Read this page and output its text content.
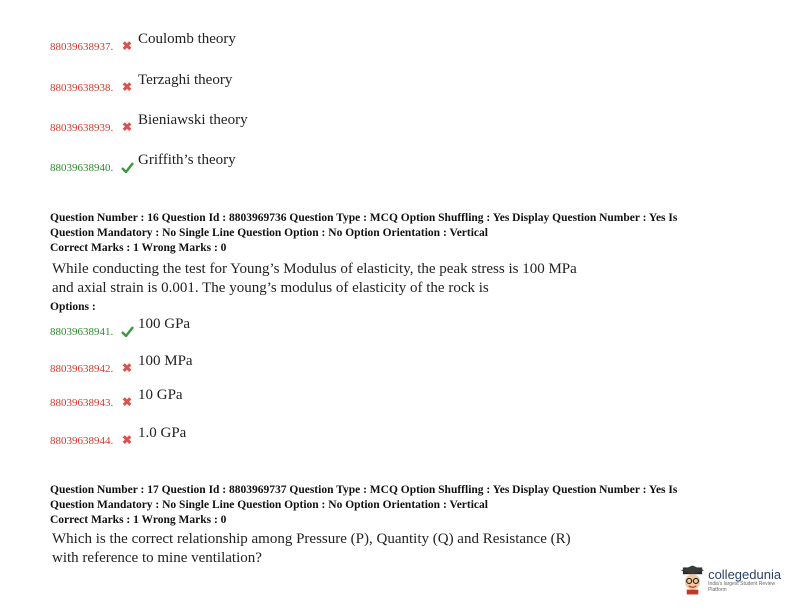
88039638937. ✖ Coulomb theory
88039638938. ✖ Terzaghi theory
88039638939. ✖ Bieniawski theory
88039638940.	Griffith’s theory
Question Number : 16 Question Id : 8803969736 Question Type : MCQ Option Shuffling : Yes Display Question Number : Yes Is
Question Mandatory : No Single Line Question Option : No Option Orientation : Vertical
Correct Marks : 1 Wrong Marks : 0
While conducting the test for Young’s Modulus of elasticity, the peak stress is 100 MPa
and axial strain is 0.001. The young’s modulus of elasticity of the rock is
Options :
88039638941.	100 GPa
88039638942. ✖ 100 MPa
88039638943. ✖ 10 GPa
88039638944. ✖ 1.0 GPa
Question Number : 17 Question Id : 8803969737 Question Type : MCQ Option Shuffling : Yes Display Question Number : Yes Is
Question Mandatory : No Single Line Question Option : No Option Orientation : Vertical
Correct Marks : 1 Wrong Marks : 0
Which is the correct relationship among Pressure (P), Quantity (Q) and Resistance (R)
with reference to mine ventilation?
collegedunia
India's largest Student Review Platform
